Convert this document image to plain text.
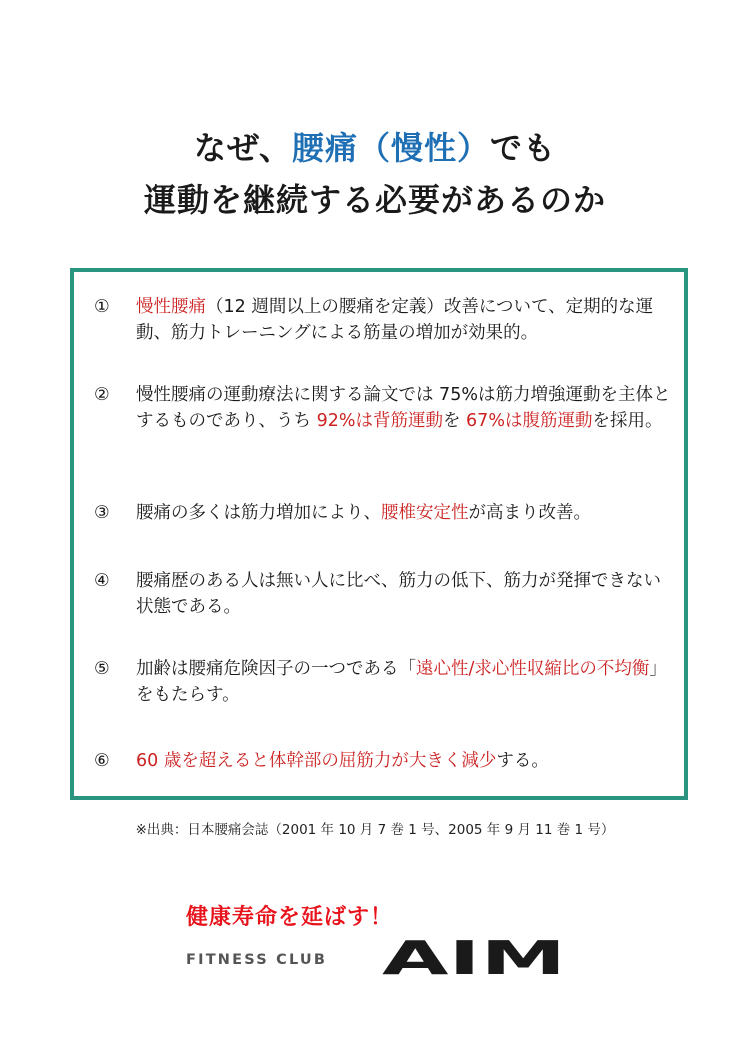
なぜ、腰痛（慢性）でも
運動を継続する必要があるのか
①	慢性腰痛（12 週間以上の腰痛を定義）改善について、定期的な運動、筋力トレーニングによる筋量の増加が効果的。
②	慢性腰痛の運動療法に関する論文では 75%は筋力増強運動を主体とするものであり、うち 92%は背筋運動を 67%は腹筋運動を採用。
③	腰痛の多くは筋力増加により、腰椎安定性が高まり改善。
④	腰痛歴のある人は無い人に比べ、筋力の低下、筋力が発揮できない状態である。
⑤	加齢は腰痛危険因子の一つである「遠心性/求心性収縮比の不均衡」をもたらす。
⑥	60 歳を超えると体幹部の屈筋力が大きく減少する。
※出典：日本腰痛会誌（2001 年 10 月 7 巻 1 号、2005 年 9 月 11 巻 1 号）
健康寿命を延ばす！
FITNESS CLUB AIM
